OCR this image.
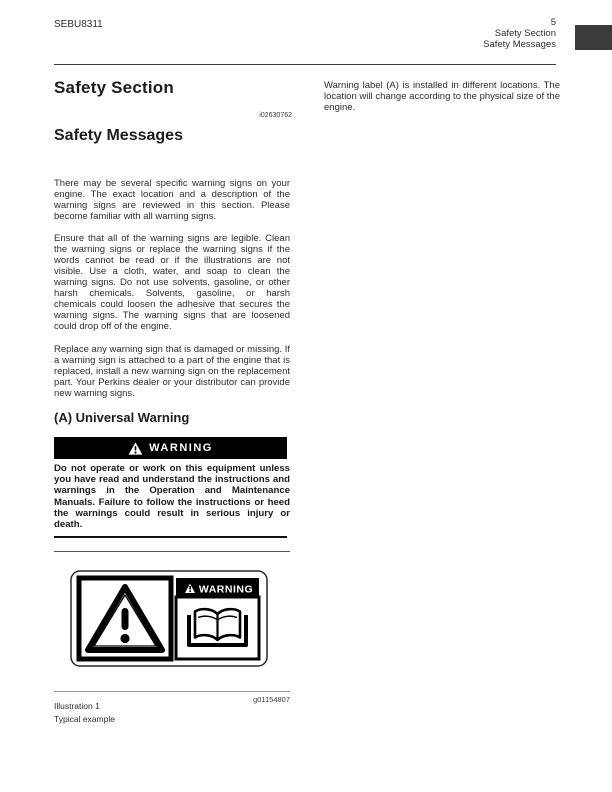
SEBU8311	5
Safety Section
Safety Messages
Safety Section
i02630762
Safety Messages
There may be several specific warning signs on your engine. The exact location and a description of the warning signs are reviewed in this section. Please become familiar with all warning signs.
Ensure that all of the warning signs are legible. Clean the warning signs or replace the warning signs if the words cannot be read or if the illustrations are not visible. Use a cloth, water, and soap to clean the warning signs. Do not use solvents, gasoline, or other harsh chemicals. Solvents, gasoline, or harsh chemicals could loosen the adhesive that secures the warning signs. The warning signs that are loosened could drop off of the engine.
Replace any warning sign that is damaged or missing. If a warning sign is attached to a part of the engine that is replaced, install a new warning sign on the replacement part. Your Perkins dealer or your distributor can provide new warning signs.
(A) Universal Warning
WARNING
Do not operate or work on this equipment unless you have read and understand the instructions and warnings in the Operation and Maintenance Manuals. Failure to follow the instructions or heed the warnings could result in serious injury or death.
WARNING
g01154807
Illustration 1
Typical example
Warning label (A) is installed in different locations. The location will change according to the physical size of the engine.
